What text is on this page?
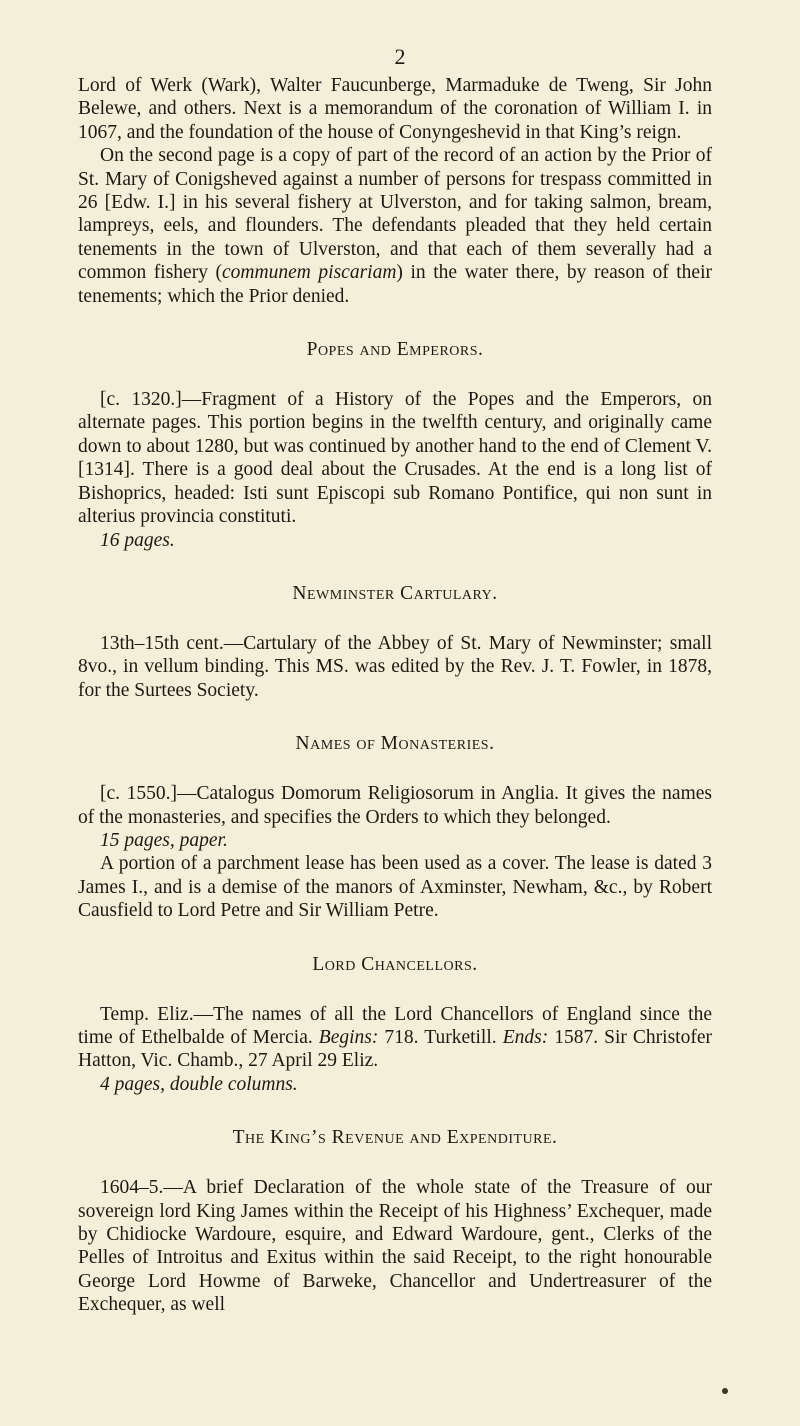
2

Lord of Werk (Wark), Walter Faucunberge, Marmaduke de Tweng, Sir John Belewe, and others. Next is a memorandum of the coronation of William I. in 1067, and the foundation of the house of Conyngeshevid in that King’s reign.

On the second page is a copy of part of the record of an action by the Prior of St. Mary of Conigsheved against a number of persons for trespass committed in 26 [Edw. I.] in his several fishery at Ulverston, and for taking salmon, bream, lampreys, eels, and flounders. The defendants pleaded that they held certain tenements in the town of Ulverston, and that each of them severally had a common fishery (communem piscariam) in the water there, by reason of their tenements; which the Prior denied.

Popes and Emperors.

[c. 1320.]—Fragment of a History of the Popes and the Emperors, on alternate pages. This portion begins in the twelfth century, and originally came down to about 1280, but was continued by another hand to the end of Clement V. [1314]. There is a good deal about the Crusades. At the end is a long list of Bishoprics, headed: Isti sunt Episcopi sub Romano Pontifice, qui non sunt in alterius provincia constituti.

16 pages.

Newminster Cartulary.

13th–15th cent.—Cartulary of the Abbey of St. Mary of Newminster; small 8vo., in vellum binding. This MS. was edited by the Rev. J. T. Fowler, in 1878, for the Surtees Society.

Names of Monasteries.

[c. 1550.]—Catalogus Domorum Religiosorum in Anglia. It gives the names of the monasteries, and specifies the Orders to which they belonged.

15 pages, paper.

A portion of a parchment lease has been used as a cover. The lease is dated 3 James I., and is a demise of the manors of Axminster, Newham, &c., by Robert Causfield to Lord Petre and Sir William Petre.

Lord Chancellors.

Temp. Eliz.—The names of all the Lord Chancellors of England since the time of Ethelbalde of Mercia. Begins: 718. Turketill. Ends: 1587. Sir Christofer Hatton, Vic. Chamb., 27 April 29 Eliz.

4 pages, double columns.

The King’s Revenue and Expenditure.

1604–5.—A brief Declaration of the whole state of the Treasure of our sovereign lord King James within the Receipt of his Highness’ Exchequer, made by Chidiocke Wardoure, esquire, and Edward Wardoure, gent., Clerks of the Pelles of Introitus and Exitus within the said Receipt, to the right honourable George Lord Howme of Barweke, Chancellor and Undertreasurer of the Exchequer, as well
